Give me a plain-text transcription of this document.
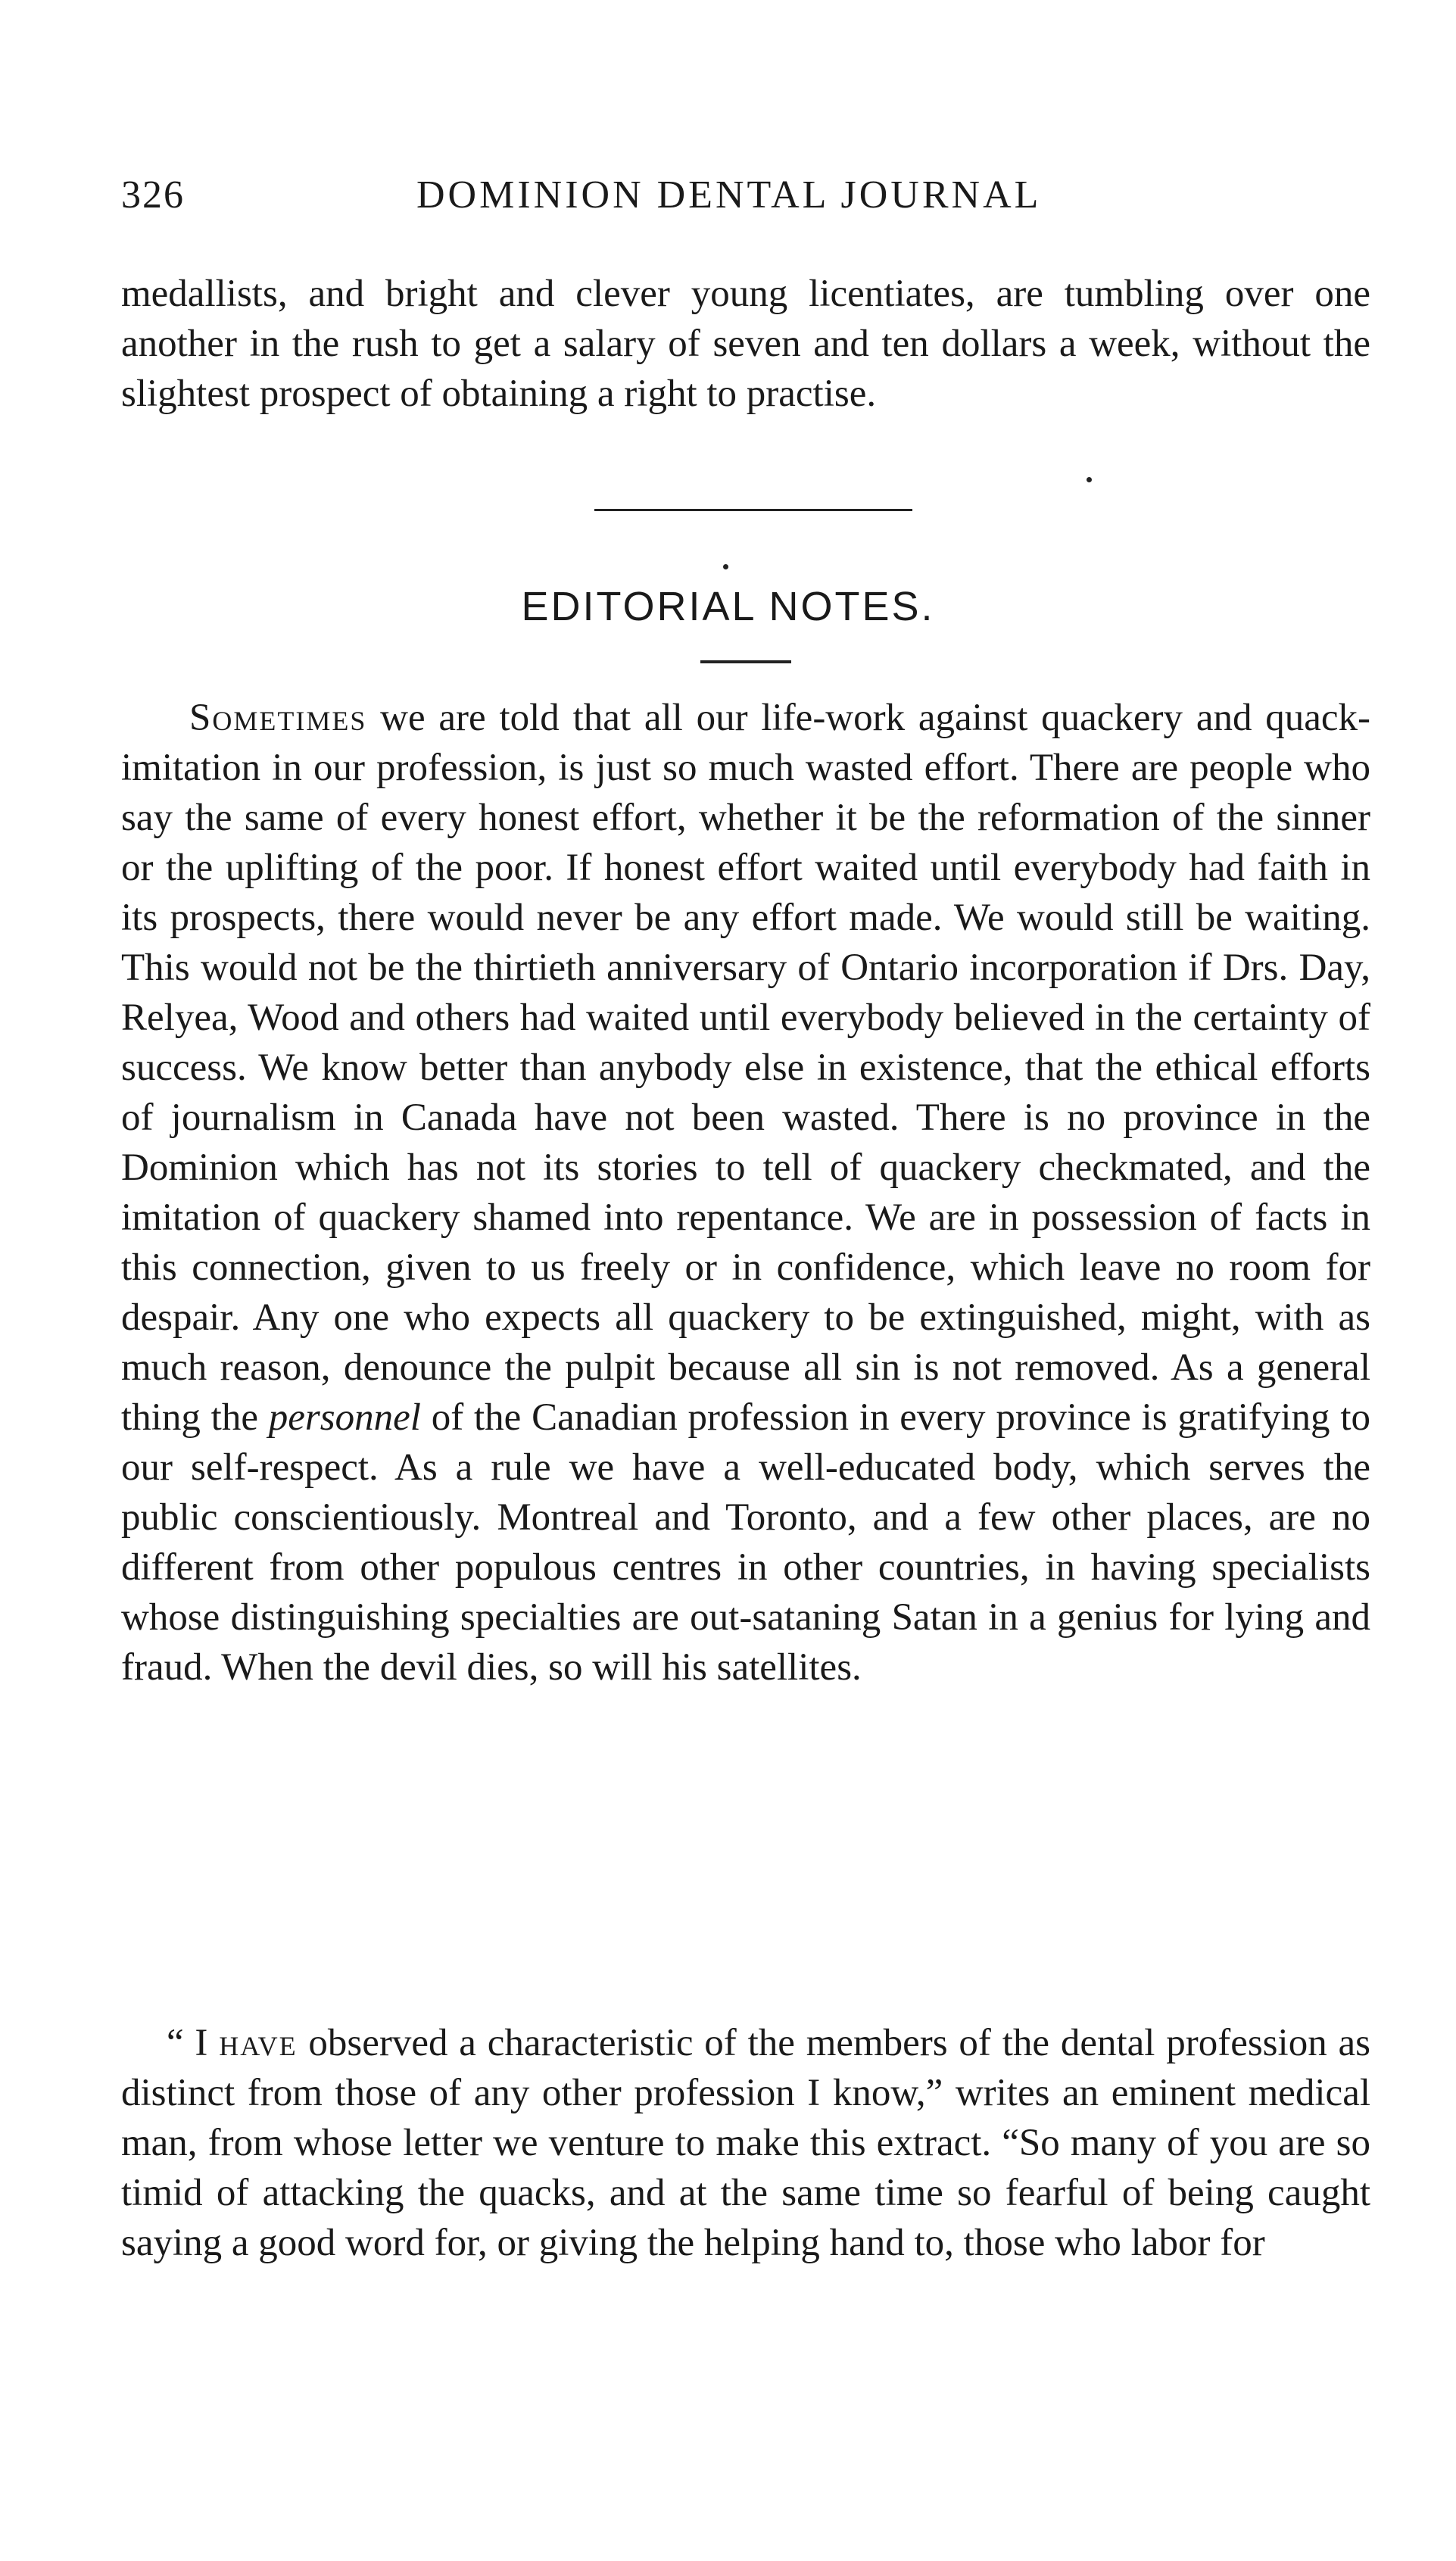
326	DOMINION DENTAL JOURNAL

medallists, and bright and clever young licentiates, are tumbling over one another in the rush to get a salary of seven and ten dollars a week, without the slightest prospect of obtaining a right to practise.

EDITORIAL NOTES.

Sometimes we are told that all our life-work against quackery and quack-imitation in our profession, is just so much wasted effort. There are people who say the same of every honest effort, whether it be the reformation of the sinner or the uplifting of the poor. If honest effort waited until everybody had faith in its prospects, there would never be any effort made. We would still be waiting. This would not be the thirtieth anniversary of Ontario incorporation if Drs. Day, Relyea, Wood and others had waited until everybody believed in the certainty of success. We know better than anybody else in existence, that the ethical efforts of journalism in Canada have not been wasted. There is no province in the Dominion which has not its stories to tell of quackery checkmated, and the imitation of quackery shamed into repentance. We are in possession of facts in this connection, given to us freely or in confidence, which leave no room for despair. Any one who expects all quackery to be extinguished, might, with as much reason, denounce the pulpit because all sin is not removed. As a general thing the personnel of the Canadian profession in every province is gratifying to our self-respect. As a rule we have a well-educated body, which serves the public conscientiously. Montreal and Toronto, and a few other places, are no different from other populous centres in other countries, in having specialists whose distinguishing specialties are out-sataning Satan in a genius for lying and fraud. When the devil dies, so will his satellites.

“ I have observed a characteristic of the members of the dental profession as distinct from those of any other profession I know,” writes an eminent medical man, from whose letter we venture to make this extract. “So many of you are so timid of attacking the quacks, and at the same time so fearful of being caught saying a good word for, or giving the helping hand to, those who labor for
